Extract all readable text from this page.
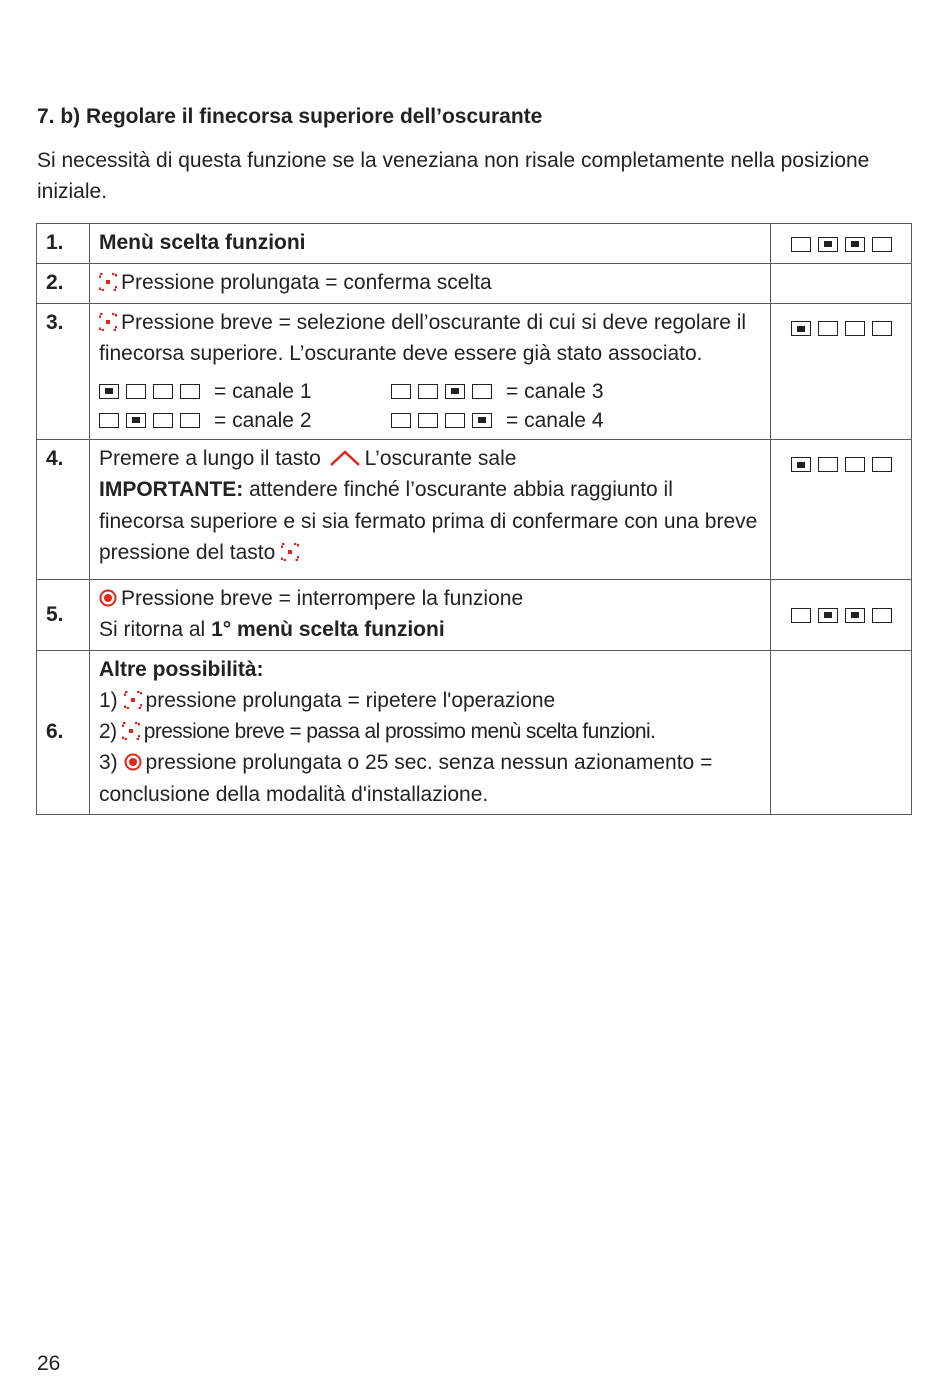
7. b) Regolare il finecorsa superiore dell’oscurante

Si necessità di questa funzione se la veneziana non risale completamente nella posizione iniziale.

1.	Menù scelta funzioni	

2.	Pressione prolungata = conferma scelta	
3.	Pressione breve = selezione dell’oscurante di cui si deve regolare il finecorsa superiore. L’oscurante deve essere già stato associato.
= canale 1 = canale 3
= canale 2 = canale 4	

4.	Premere a lungo il tasto L’oscurante sale
IMPORTANTE: attendere finché l’oscurante abbia raggiunto il finecorsa superiore e si sia fermato prima di confermare con una breve pressione del tasto	

5.	Pressione breve = interrompere la funzione
Si ritorna al 1° menù scelta funzioni	

6.	Altre possibilità:
1) pressione prolungata = ripetere l'operazione
2) pressione breve = passa al prossimo menù scelta funzioni.
3) pressione prolungata o 25 sec. senza nessun azionamento = conclusione della modalità d'installazione.	

26
